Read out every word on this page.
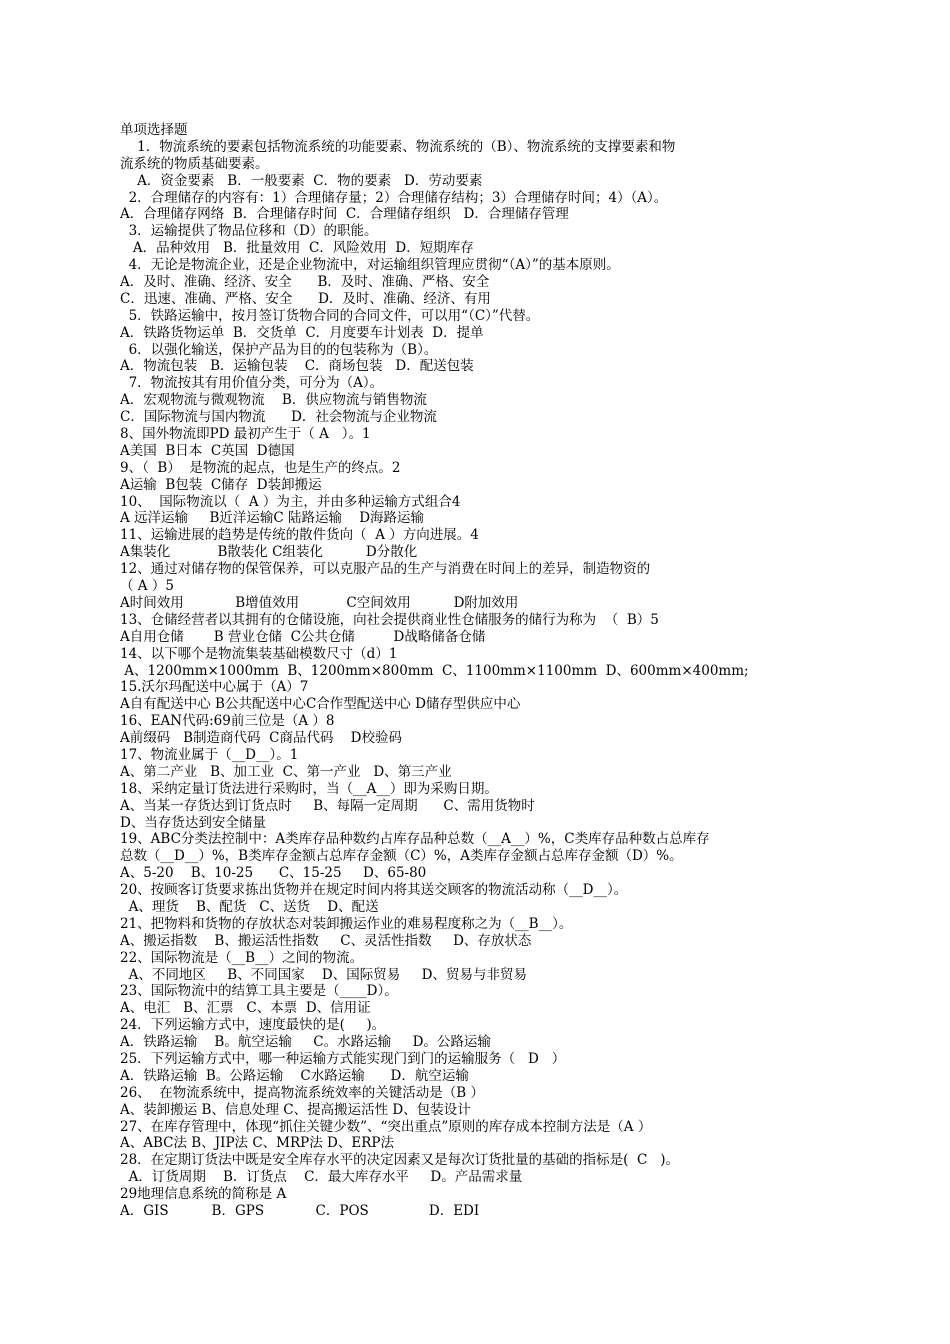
单项选择题
1．物流系统的要素包括物流系统的功能要素、物流系统的（B）、物流系统的支撑要素和物
流系统的物质基础要素。
A．资金要素   B．一般要素  C．物的要素   D．劳动要素
2．合理储存的内容有：1）合理储存量；2）合理储存结构；3）合理储存时间；4）（A）。
A．合理储存网络  B．合理储存时间  C．合理储存组织   D．合理储存管理
3．运输提供了物品位移和（D）的职能。
A．品种效用   B．批量效用  C．风险效用  D．短期库存
4．无论是物流企业，还是企业物流中，对运输组织管理应贯彻“（A）”的基本原则。
A．及时、准确、经济、安全      B．及时、准确、严格、安全
C．迅速、准确、严格、安全      D．及时、准确、经济、有用
5．铁路运输中，按月签订货物合同的合同文件，可以用“（C）”代替。
A．铁路货物运单  B．交货单  C．月度要车计划表  D．提单
6．以强化输送，保护产品为目的的包装称为（B）。
A．物流包装   B．运输包装    C．商场包装   D．配送包装
7．物流按其有用价值分类，可分为（A）。
A．宏观物流与微观物流    B．供应物流与销售物流
C．国际物流与国内物流      D．社会物流与企业物流
8、国外物流即PD 最初产生于（ A   ）。1
A美国  B日本  C英国  D德国
9、（  B）  是物流的起点，也是生产的终点。2
A运输  B包装  C储存  D装卸搬运
10、  国际物流以（  A ）为主，并由多种运输方式组合4
A 远洋运输     B近洋运输C 陆路运输    D海路运输
11、运输进展的趋势是传统的散件货向（  A ）方向进展。4
A集装化           B散装化 C组装化          D分散化
12、通过对储存物的保管保养，可以克服产品的生产与消费在时间上的差异，制造物资的
（ A ）5
A时间效用            B增值效用           C空间效用          D附加效用
13、仓储经营者以其拥有的仓储设施，向社会提供商业性仓储服务的储行为称为  （  B）5
A自用仓储       B 营业仓储  C公共仓储         D战略储备仓储
14、以下哪个是物流集装基础模数尺寸（d）1
A、1200mm×1000mm  B、1200mm×800mm  C、1100mm×1100mm  D、600mm×400mm;
15.沃尔玛配送中心属于（A）7
A自有配送中心 B公共配送中心C合作型配送中心 D储存型供应中心
16、EAN代码:69前三位是（A ）8
A前缀码   B制造商代码  C商品代码    D校验码
17、物流业属于（__D__）。1
A、第二产业   B、加工业  C、第一产业   D、第三产业
18、采纳定量订货法进行采购时，当（__A__）即为采购日期。
A、当某一存货达到订货点时     B、每隔一定周期      C、需用货物时
D、当存货达到安全储量
19、ABC分类法控制中：A类库存品种数约占库存品种总数（__A__）%，C类库存品种数占总库存
总数（__D__）%，B类库存金额占总库存金额（C）%，A类库存金额占总库存金额（D）%。
A、5-20    B、10-25      C、15-25     D、65-80
20、按顾客订货要求拣出货物并在规定时间内将其送交顾客的物流活动称（__D__）。
A、理货    B、配货   C、送货    D、配送
21、把物料和货物的存放状态对装卸搬运作业的难易程度称之为（__B__）。
A、搬运指数    B、搬运活性指数     C、灵活性指数     D、存放状态
22、国际物流是（__B__）之间的物流。
A、不同地区     B、不同国家    D、国际贸易     D、贸易与非贸易
23、国际物流中的结算工具主要是（____D）。
A、电汇   B、汇票   C、本票  D、信用证
24．下列运输方式中，速度最快的是(     )。
A．铁路运输    B。航空运输     C。水路运输     D。公路运输
25．下列运输方式中，哪一种运输方式能实现门到门的运输服务（   D   ）
A．铁路运输  B。公路运输    C水路运输      D．航空运输
26、  在物流系统中，提高物流系统效率的关键活动是（B ）
A、装卸搬运 B、信息处理 C、提高搬运活性 D、包装设计
27、在库存管理中，体现“抓住关键少数”、“突出重点”原则的库存成本控制方法是（A ）
A、ABC法 B、JIP法 C、MRP法 D、ERP法
28．在定期订货法中既是安全库存水平的决定因素又是每次订货批量的基础的指标是(  C   )。
A．订货周期    B．订货点    C．最大库存水平     D。产品需求量
29地理信息系统的简称是 A
A．GIS          B．GPS            C．POS              D．EDI
